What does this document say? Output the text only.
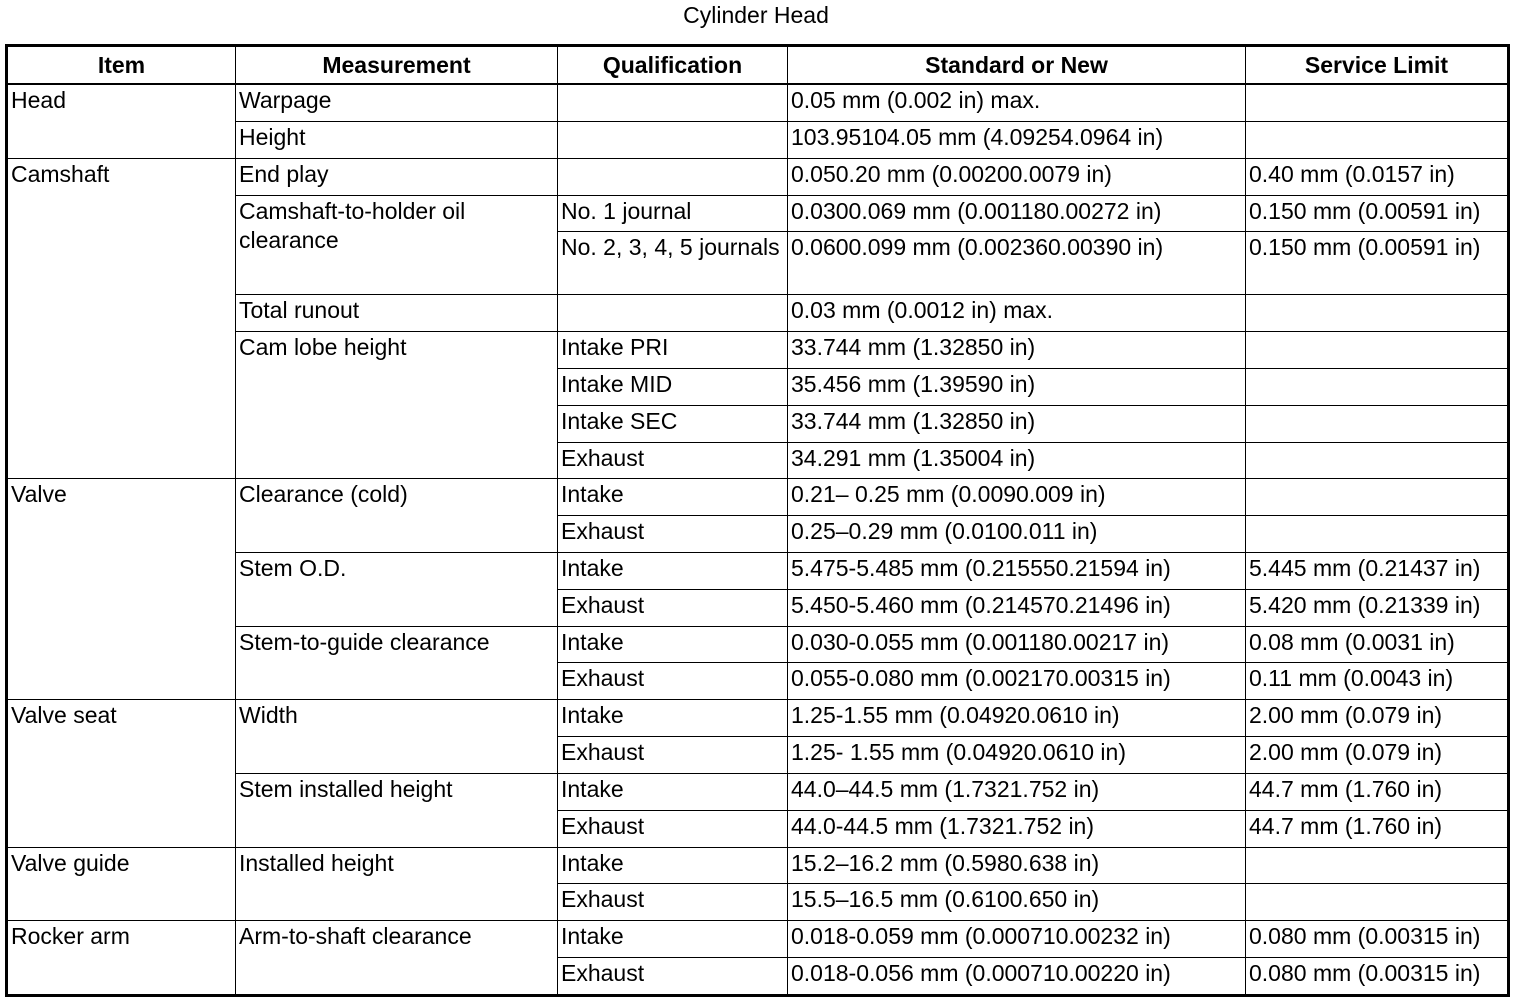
Cylinder Head
Item	Measurement	Qualification	Standard or New	Service Limit
Head	Warpage		0.05 mm (0.002 in) max.	
	Height		103.95104.05 mm (4.09254.0964 in)	
Camshaft	End play		0.050.20 mm (0.00200.0079 in)	0.40 mm (0.0157 in)
	Camshaft-to-holder oil clearance	No. 1 journal	0.0300.069 mm (0.001180.00272 in)	0.150 mm (0.00591 in)
		No. 2, 3, 4, 5 journals	0.0600.099 mm (0.002360.00390 in)	0.150 mm (0.00591 in)
	Total runout		0.03 mm (0.0012 in) max.	
	Cam lobe height	Intake PRI	33.744 mm (1.32850 in)	
		Intake MID	35.456 mm (1.39590 in)	
		Intake SEC	33.744 mm (1.32850 in)	
		Exhaust	34.291 mm (1.35004 in)	
Valve	Clearance (cold)	Intake	0.21– 0.25 mm (0.0090.009 in)	
		Exhaust	0.25–0.29 mm (0.0100.011 in)	
	Stem O.D.	Intake	5.475-5.485 mm (0.215550.21594 in)	5.445 mm (0.21437 in)
		Exhaust	5.450-5.460 mm (0.214570.21496 in)	5.420 mm (0.21339 in)
	Stem-to-guide clearance	Intake	0.030-0.055 mm (0.001180.00217 in)	0.08 mm (0.0031 in)
		Exhaust	0.055-0.080 mm (0.002170.00315 in)	0.11 mm (0.0043 in)
Valve seat	Width	Intake	1.25-1.55 mm (0.04920.0610 in)	2.00 mm (0.079 in)
		Exhaust	1.25- 1.55 mm (0.04920.0610 in)	2.00 mm (0.079 in)
	Stem installed height	Intake	44.0–44.5 mm (1.7321.752 in)	44.7 mm (1.760 in)
		Exhaust	44.0-44.5 mm (1.7321.752 in)	44.7 mm (1.760 in)
Valve guide	Installed height	Intake	15.2–16.2 mm (0.5980.638 in)	
		Exhaust	15.5–16.5 mm (0.6100.650 in)	
Rocker arm	Arm-to-shaft clearance	Intake	0.018-0.059 mm (0.000710.00232 in)	0.080 mm (0.00315 in)
		Exhaust	0.018-0.056 mm (0.000710.00220 in)	0.080 mm (0.00315 in)
